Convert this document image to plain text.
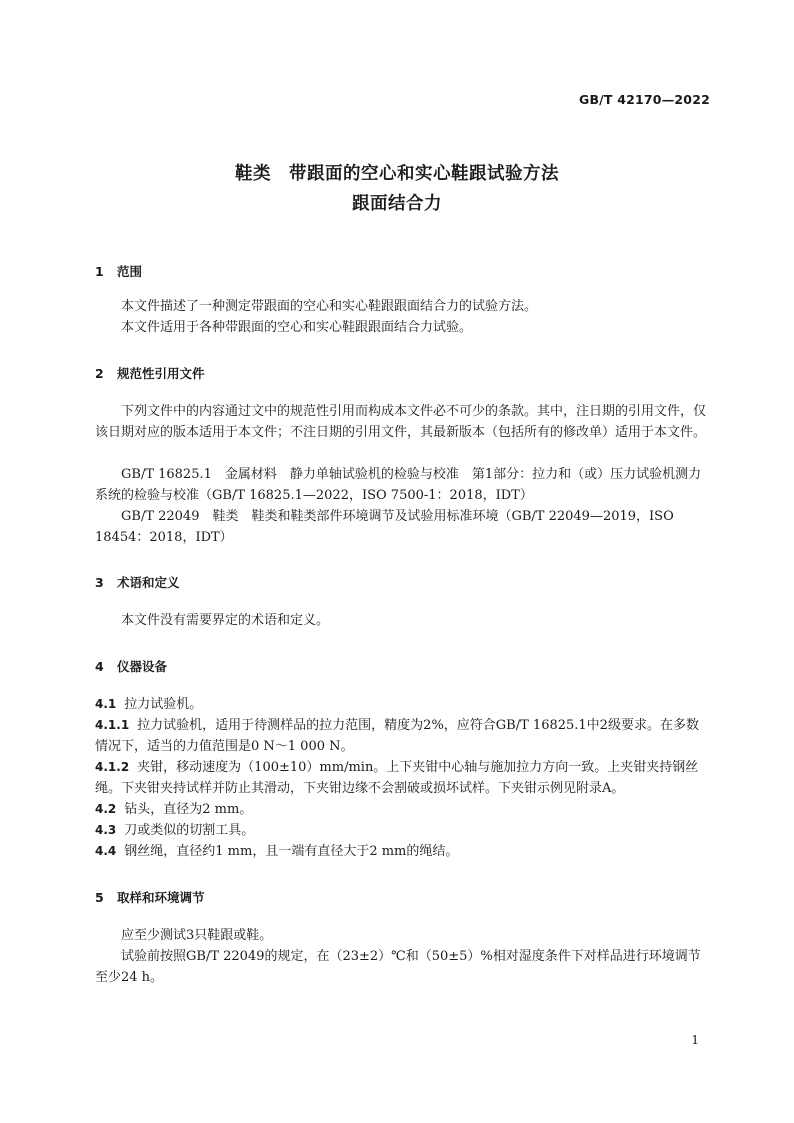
GB/T 42170—2022
鞋类　带跟面的空心和实心鞋跟试验方法
跟面结合力
1 范围
本文件描述了一种测定带跟面的空心和实心鞋跟跟面结合力的试验方法。
本文件适用于各种带跟面的空心和实心鞋跟跟面结合力试验。
2 规范性引用文件
下列文件中的内容通过文中的规范性引用而构成本文件必不可少的条款。其中，注日期的引用文件，仅该日期对应的版本适用于本文件；不注日期的引用文件，其最新版本（包括所有的修改单）适用于本文件。
GB/T 16825.1　金属材料　静力单轴试验机的检验与校准　第1部分：拉力和（或）压力试验机测力系统的检验与校准（GB/T 16825.1—2022，ISO 7500-1：2018，IDT）
GB/T 22049　鞋类　鞋类和鞋类部件环境调节及试验用标准环境（GB/T 22049—2019，ISO 18454：2018，IDT）
3 术语和定义
本文件没有需要界定的术语和定义。
4 仪器设备
4.1 拉力试验机。
4.1.1 拉力试验机，适用于待测样品的拉力范围，精度为2%，应符合GB/T 16825.1中2级要求。在多数情况下，适当的力值范围是0 N～1 000 N。
4.1.2 夹钳，移动速度为（100±10）mm/min。上下夹钳中心轴与施加拉力方向一致。上夹钳夹持钢丝绳。下夹钳夹持试样并防止其滑动，下夹钳边缘不会割破或损坏试样。下夹钳示例见附录A。
4.2 钻头，直径为2 mm。
4.3 刀或类似的切割工具。
4.4 钢丝绳，直径约1 mm，且一端有直径大于2 mm的绳结。
5 取样和环境调节
应至少测试3只鞋跟或鞋。
试验前按照GB/T 22049的规定，在（23±2）℃和（50±5）%相对湿度条件下对样品进行环境调节至少24 h。
1
